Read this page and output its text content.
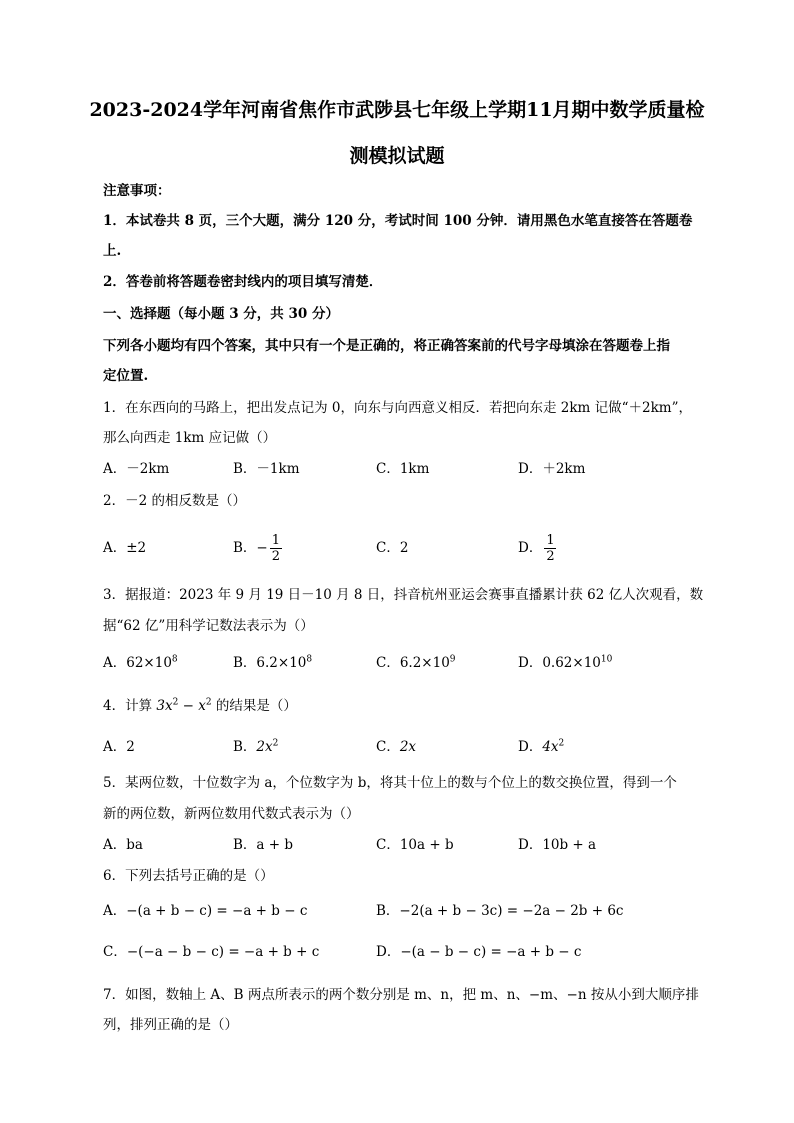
2023-2024学年河南省焦作市武陟县七年级上学期11月期中数学质量检
测模拟试题
注意事项：
1．本试卷共 8 页，三个大题，满分 120 分，考试时间 100 分钟．请用黑色水笔直接答在答题卷
上.
2．答卷前将答题卷密封线内的项目填写清楚．
一、选择题（每小题 3 分，共 30 分）
下列各小题均有四个答案，其中只有一个是正确的，将正确答案前的代号字母填涂在答题卷上指
定位置.
1．在东西向的马路上，把出发点记为 0，向东与向西意义相反．若把向东走 2km 记做“＋2km”，
那么向西走 1km 应记做（）
A．－2km	B．－1km	C．1km	D．＋2km
2．－2 的相反数是（）
A．±2	B．− $\frac{1}{2}$	C．2	D． $\frac{1}{2}$
3．据报道：2023 年 9 月 19 日－10 月 8 日，抖音杭州亚运会赛事直播累计获 62 亿人次观看，数
据“62 亿”用科学记数法表示为（）
A．$62\times 10^8$	B．$6.2\times 10^8$	C．$6.2\times 10^9$	D．$0.62\times 10^{10}$
4．计算 $3x^2 - x^2$ 的结果是（）
A．2	B．$2x^2$	C．2x	D．$4x^2$
5．某两位数，十位数字为 a，个位数字为 b，将其十位上的数与个位上的数交换位置，得到一个
新的两位数，新两位数用代数式表示为（）
A．ba	B．a + b	C．10a + b	D．10b + a
6．下列去括号正确的是（）
A．−(a + b − c) = −a + b − c	B．−2(a + b − 3c) = −2a − 2b + 6c
C．−(−a − b − c) = −a + b + c	D．−(a − b − c) = −a + b − c
7．如图，数轴上 A、B 两点所表示的两个数分别是 m、n，把 m、n、−m、−n 按从小到大顺序排
列，排列正确的是（）
